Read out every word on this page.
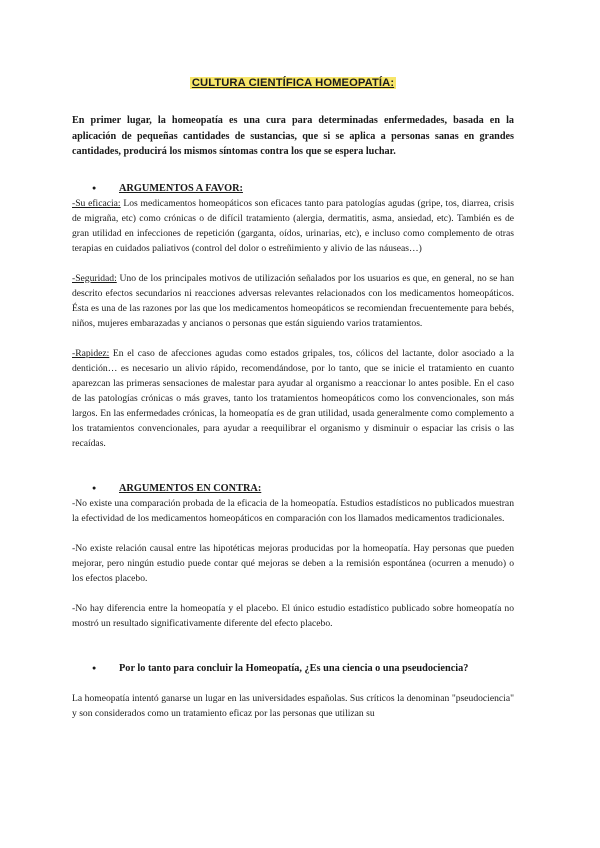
CULTURA CIENTÍFICA HOMEOPATÍA:

En primer lugar, la homeopatía es una cura para determinadas enfermedades, basada en la aplicación de pequeñas cantidades de sustancias, que si se aplica a personas sanas en grandes cantidades, producirá los mismos síntomas contra los que se espera luchar.

●	ARGUMENTOS A FAVOR:

-Su eficacia: Los medicamentos homeopáticos son eficaces tanto para patologías agudas (gripe, tos, diarrea, crisis de migraña, etc) como crónicas o de difícil tratamiento (alergia, dermatitis, asma, ansiedad, etc). También es de gran utilidad en infecciones de repetición (garganta, oídos, urinarias, etc), e incluso como complemento de otras terapias en cuidados paliativos (control del dolor o estreñimiento y alivio de las náuseas…)

-Seguridad: Uno de los principales motivos de utilización señalados por los usuarios es que, en general, no se han descrito efectos secundarios ni reacciones adversas relevantes relacionados con los medicamentos homeopáticos. Ésta es una de las razones por las que los medicamentos homeopáticos se recomiendan frecuentemente para bebés, niños, mujeres embarazadas y ancianos o personas que están siguiendo varios tratamientos.

-Rapidez: En el caso de afecciones agudas como estados gripales, tos, cólicos del lactante, dolor asociado a la dentición… es necesario un alivio rápido, recomendándose, por lo tanto, que se inicie el tratamiento en cuanto aparezcan las primeras sensaciones de malestar para ayudar al organismo a reaccionar lo antes posible. En el caso de las patologías crónicas o más graves, tanto los tratamientos homeopáticos como los convencionales, son más largos. En las enfermedades crónicas, la homeopatía es de gran utilidad, usada generalmente como complemento a los tratamientos convencionales, para ayudar a reequilibrar el organismo y disminuir o espaciar las crisis o las recaídas.

●	ARGUMENTOS EN CONTRA:

-No existe una comparación probada de la eficacia de la homeopatía. Estudios estadísticos no publicados muestran la efectividad de los medicamentos homeopáticos en comparación con los llamados medicamentos tradicionales.

-No existe relación causal entre las hipotéticas mejoras producidas por la homeopatía. Hay personas que pueden mejorar, pero ningún estudio puede contar qué mejoras se deben a la remisión espontánea (ocurren a menudo) o los efectos placebo.

-No hay diferencia entre la homeopatía y el placebo. El único estudio estadístico publicado sobre homeopatía no mostró un resultado significativamente diferente del efecto placebo.

●	Por lo tanto para concluir la Homeopatía, ¿Es una ciencia o una pseudociencia?

La homeopatía intentó ganarse un lugar en las universidades españolas. Sus críticos la denominan "pseudociencia" y son considerados como un tratamiento eficaz por las personas que utilizan su
